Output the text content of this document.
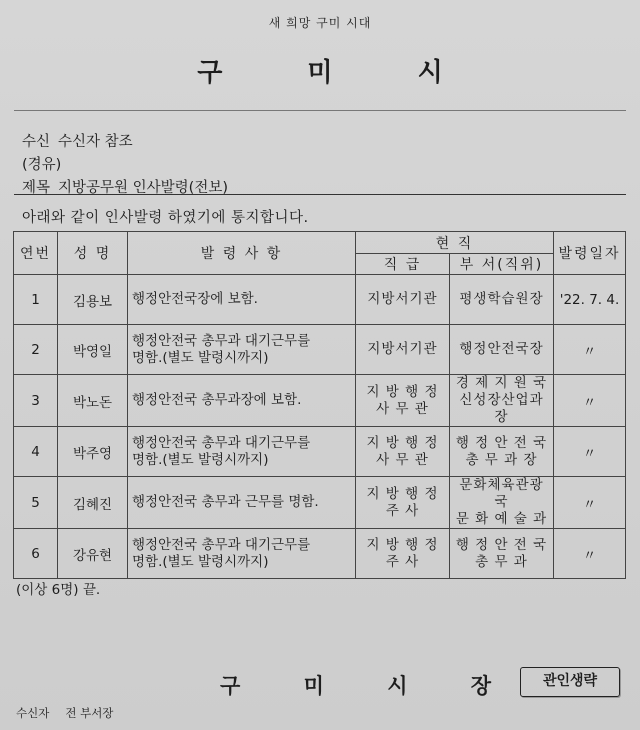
새 희망 구미 시대
구 미 시
수신 수신자 참조
(경유)
제목 지방공무원 인사발령(전보)
아래와 같이 인사발령 하였기에 통지합니다.
연번	성 명	발 령 사 항	현 직		발령일자
			직 급	부 서(직위)	
1	김용보	행정안전국장에 보함.	지방서기관	평생학습원장	'22. 7. 4.
2	박영일	행정안전국 총무과 대기근무를
명함.(별도 발령시까지)	지방서기관	행정안전국장	〃
3	박노돈	행정안전국 총무과장에 보함.	지 방 행 정
사 무 관	경 제 지 원 국
신성장산업과장	〃
4	박주영	행정안전국 총무과 대기근무를
명함.(별도 발령시까지)	지 방 행 정
사 무 관	행 정 안 전 국
총 무 과 장	〃
5	김혜진	행정안전국 총무과 근무를 명함.	지 방 행 정
주 사	문화체육관광국
문 화 예 술 과	〃
6	강유현	행정안전국 총무과 대기근무를
명함.(별도 발령시까지)	지 방 행 정
주 사	행 정 안 전 국
총 무 과	〃
(이상 6명) 끝.
구 미 시 장	관인생략
수신자 전 부서장
